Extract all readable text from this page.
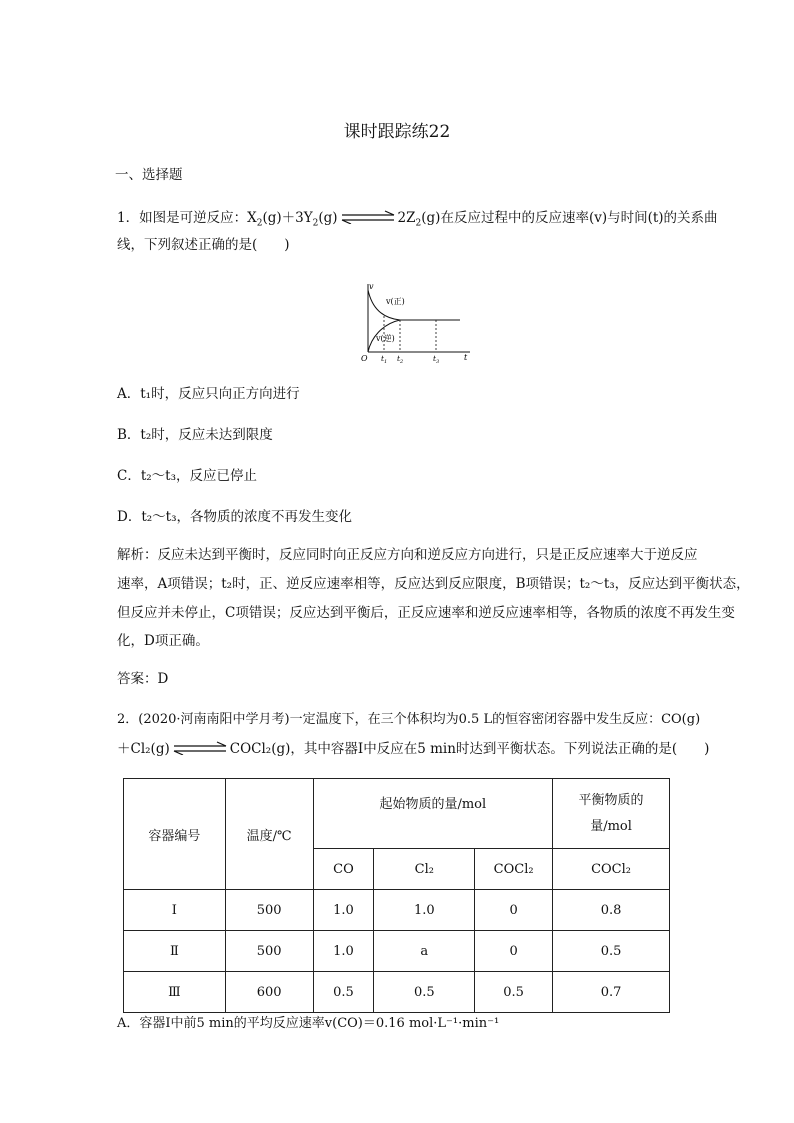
课时跟踪练22
一、选择题
1．如图是可逆反应：$X_2(g)+3Y_2(g)$	$2Z_2(g)$在反应过程中的反应速率(v)与时间(t)的关系曲
线，下列叙述正确的是(　　)
v
t
O
v(正)
v(逆)
$t_1$ $t_2$	$t_3$
A．t₁时，反应只向正方向进行
B．t₂时，反应未达到限度
C．t₂～t₃，反应已停止
D．t₂～t₃，各物质的浓度不再发生变化
解析：反应未达到平衡时，反应同时向正反应方向和逆反应方向进行，只是正反应速率大于逆反应
速率，A项错误；t₂时，正、逆反应速率相等，反应达到反应限度，B项错误；t₂～t₃，反应达到平衡状态，
但反应并未停止，C项错误；反应达到平衡后，正反应速率和逆反应速率相等，各物质的浓度不再发生变
化，D项正确。
答案：D
2．(2020·河南南阳中学月考)一定温度下，在三个体积均为0.5 L的恒容密闭容器中发生反应：CO(g)
＋Cl₂(g)	COCl₂(g)，其中容器Ⅰ中反应在5 min时达到平衡状态。下列说法正确的是(　　)
容器编号	温度/℃	起始物质的量/mol			平衡物质的量/mol
		CO	Cl₂	COCl₂	COCl₂
Ⅰ	500	1.0	1.0	0	0.8
Ⅱ	500	1.0	a	0	0.5
Ⅲ	600	0.5	0.5	0.5	0.7
A．容器Ⅰ中前5 min的平均反应速率v(CO)＝0.16 mol·L⁻¹·min⁻¹
